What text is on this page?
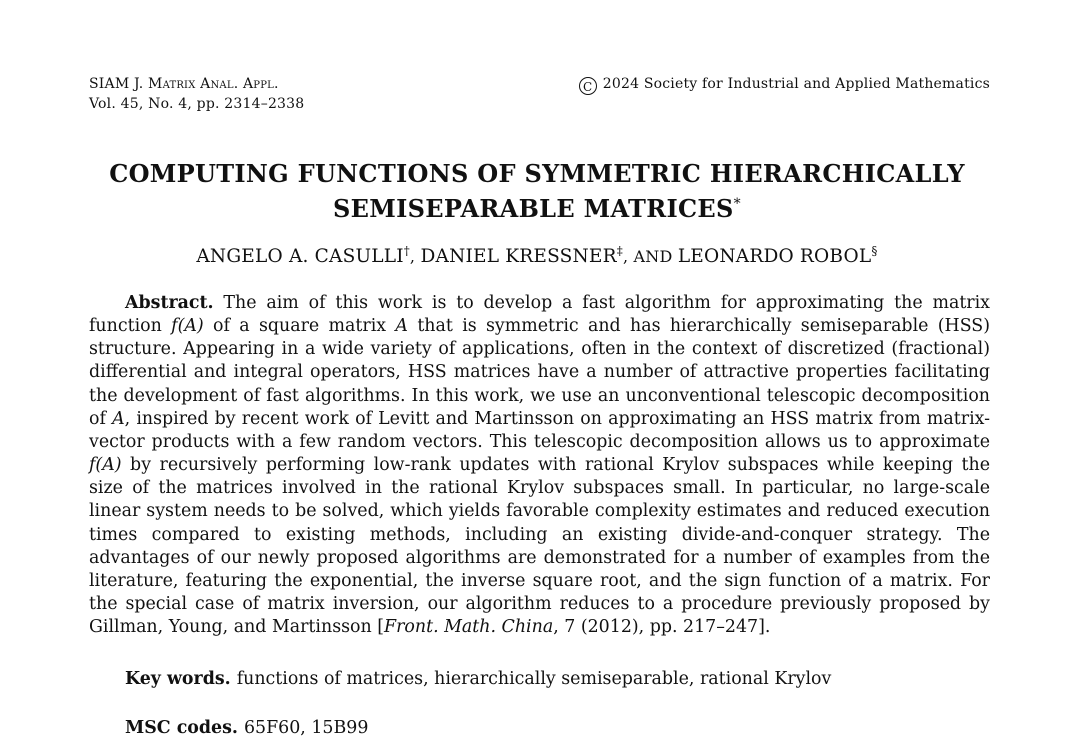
SIAM J. Matrix Anal. Appl.
Vol. 45, No. 4, pp. 2314–2338
C 2024 Society for Industrial and Applied Mathematics
COMPUTING FUNCTIONS OF SYMMETRIC HIERARCHICALLY
SEMISEPARABLE MATRICES*
ANGELO A. CASULLI†, DANIEL KRESSNER‡, AND LEONARDO ROBOL§

Abstract. The aim of this work is to develop a fast algorithm for approximating the matrix function f(A) of a square matrix A that is symmetric and has hierarchically semiseparable (HSS) structure. Appearing in a wide variety of applications, often in the context of discretized (fractional) differential and integral operators, HSS matrices have a number of attractive properties facilitating the development of fast algorithms. In this work, we use an unconventional telescopic decomposition of A, inspired by recent work of Levitt and Martinsson on approximating an HSS matrix from matrix-vector products with a few random vectors. This telescopic decomposition allows us to approximate f(A) by recursively performing low-rank updates with rational Krylov subspaces while keeping the size of the matrices involved in the rational Krylov subspaces small. In particular, no large-scale linear system needs to be solved, which yields favorable complexity estimates and reduced execution times compared to existing methods, including an existing divide-and-conquer strategy. The advantages of our newly proposed algorithms are demonstrated for a number of examples from the literature, featuring the exponential, the inverse square root, and the sign function of a matrix. For the special case of matrix inversion, our algorithm reduces to a procedure previously proposed by Gillman, Young, and Martinsson [Front. Math. China, 7 (2012), pp. 217–247].

Key words. functions of matrices, hierarchically semiseparable, rational Krylov
MSC codes. 65F60, 15B99
